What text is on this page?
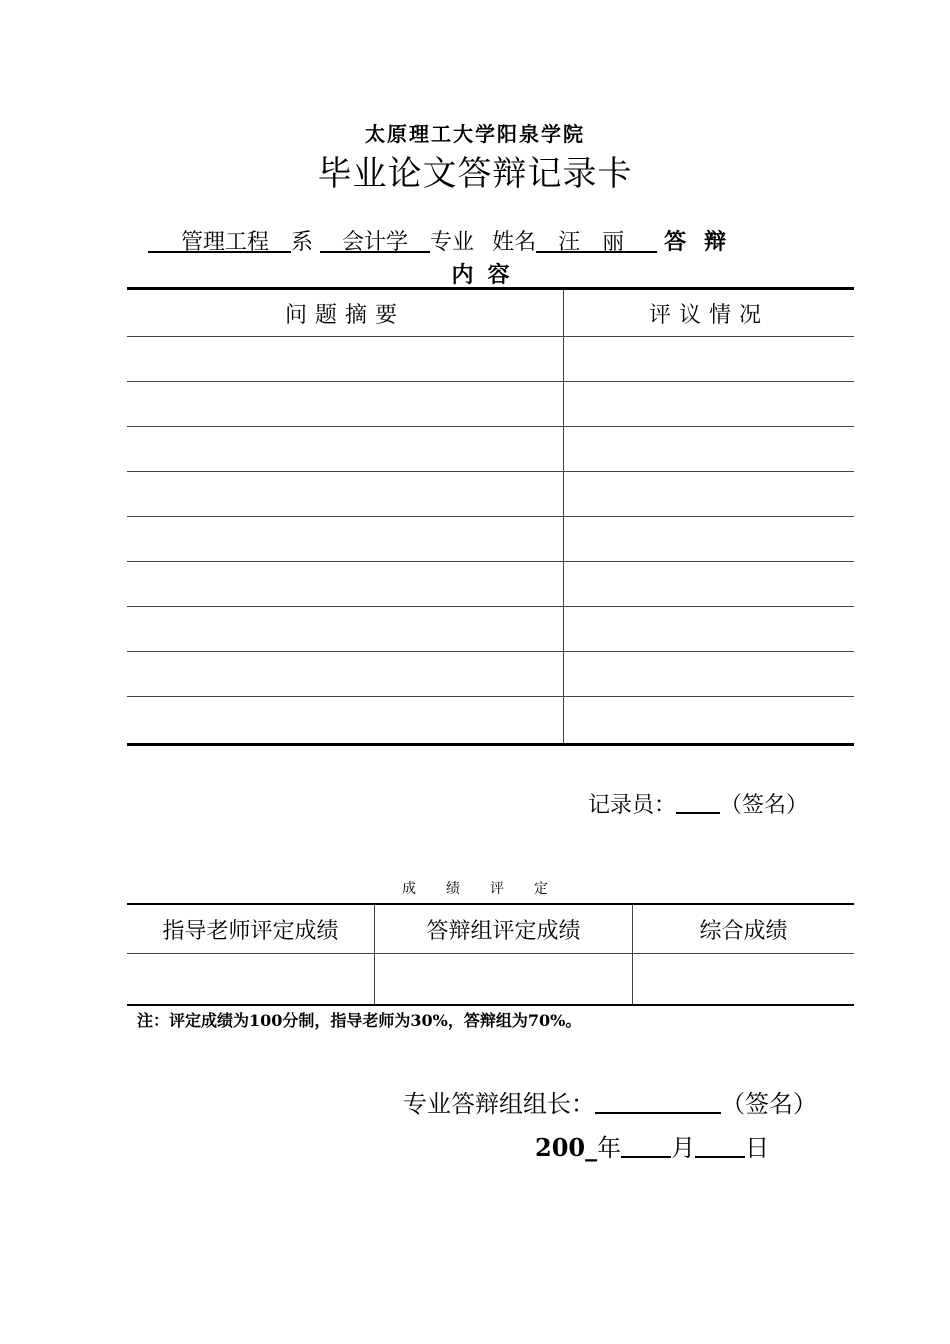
太原理工大学阳泉学院
毕业论文答辩记录卡
  管理工程   系   会计学  专业   姓名  汪　丽   答辩
内容
问题摘要	评议情况

记录员： （签名）
成绩评定
指导老师评定成绩	答辩组评定成绩	综合成绩

注：评定成绩为100分制，指导老师为30%，答辩组为70%。
专业答辩组组长：	（签名）
200_年 月 日
